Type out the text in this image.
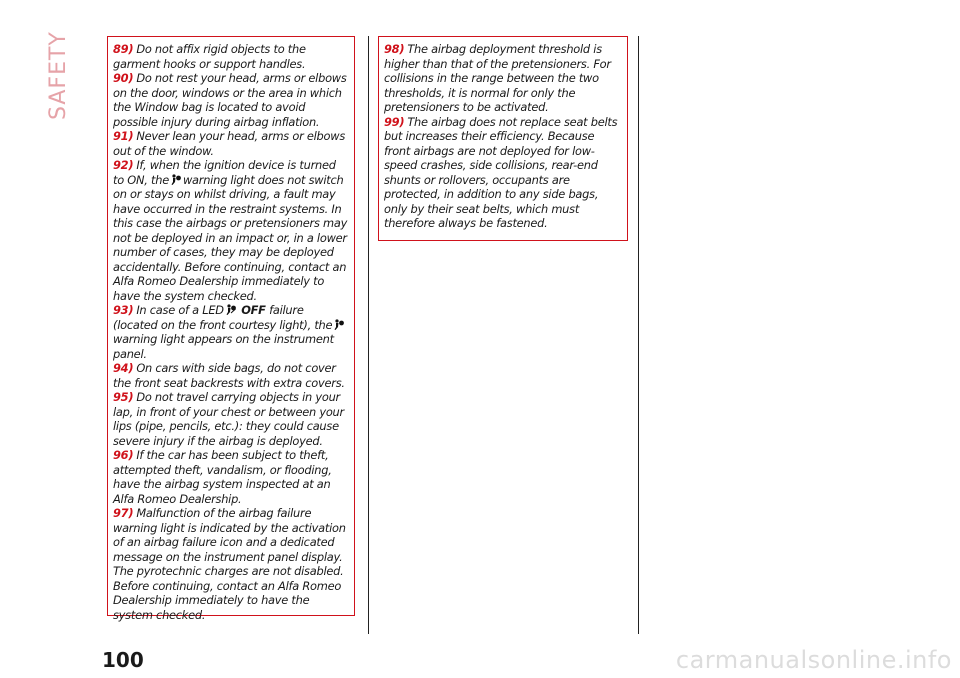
SAFETY	89) Do not affix rigid objects to the garment hooks or support handles.

90) Do not rest your head, arms or elbows on the door, windows or the area in which the Window bag is located to avoid possible injury during airbag inflation.

91) Never lean your head, arms or elbows out of the window.

92) If, when the ignition device is turned to ON, the warning light does not switch on or stays on whilst driving, a fault may have occurred in the restraint systems. In this case the airbags or pretensioners may not be deployed in an impact or, in a lower number of cases, they may be deployed accidentally. Before continuing, contact an Alfa Romeo Dealership immediately to have the system checked.

93) In case of a LED OFF failure (located on the front courtesy light), the
warning light appears on the instrument panel.

94) On cars with side bags, do not cover the front seat backrests with extra covers.

95) Do not travel carrying objects in your lap, in front of your chest or between your lips (pipe, pencils, etc.): they could cause severe injury if the airbag is deployed.

96) If the car has been subject to theft, attempted theft, vandalism, or flooding, have the airbag system inspected at an Alfa Romeo Dealership.

97) Malfunction of the airbag failure warning light is indicated by the activation of an airbag failure icon and a dedicated message on the instrument panel display. The pyrotechnic charges are not disabled. Before continuing, contact an Alfa Romeo Dealership immediately to have the system checked.

98) The airbag deployment threshold is higher than that of the pretensioners. For collisions in the range between the two thresholds, it is normal for only the pretensioners to be activated.

99) The airbag does not replace seat belts but increases their efficiency. Because front airbags are not deployed for low-speed crashes, side collisions, rear-end shunts or rollovers, occupants are protected, in addition to any side bags, only by their seat belts, which must therefore always be fastened.

100	carmanualsonline.info
